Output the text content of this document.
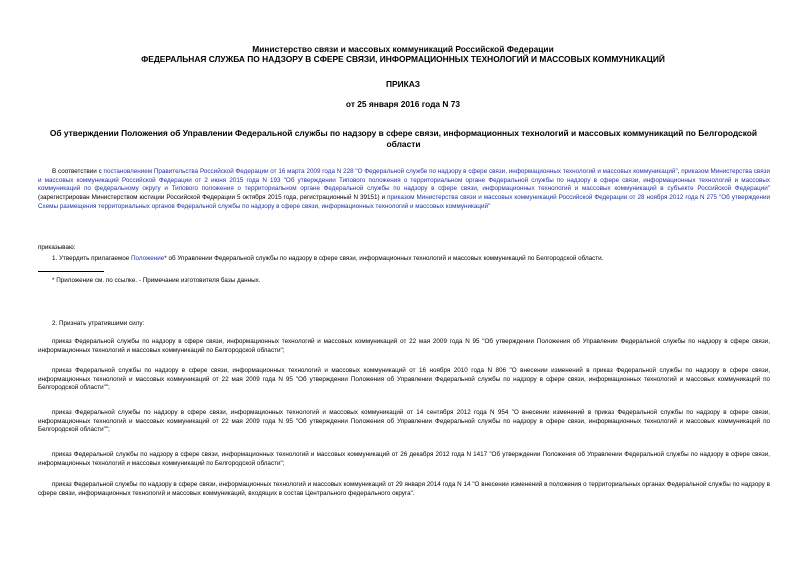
Министерство связи и массовых коммуникаций Российской Федерации
ФЕДЕРАЛЬНАЯ СЛУЖБА ПО НАДЗОРУ В СФЕРЕ СВЯЗИ, ИНФОРМАЦИОННЫХ ТЕХНОЛОГИЙ И МАССОВЫХ КОММУНИКАЦИЙ
ПРИКАЗ
от 25 января 2016 года N 73
Об утверждении Положения об Управлении Федеральной службы по надзору в сфере связи, информационных технологий и массовых коммуникаций по Белгородской области
В соответствии с постановлением Правительства Российской Федерации от 16 марта 2009 года N 228 "О Федеральной службе по надзору в сфере связи, информационных технологий и массовых коммуникаций", приказом Министерства связи и массовых коммуникаций Российской Федерации от 2 июня 2015 года N 193 "Об утверждении Типового положения о территориальном органе Федеральной службы по надзору в сфере связи, информационных технологий и массовых коммуникаций по федеральному округу и Типового положения о территориальном органе Федеральной службы по надзору в сфере связи, информационных технологий и массовых коммуникаций в субъекте Российской Федерации" (зарегистрирован Министерством юстиции Российской Федерации 5 октября 2015 года, регистрационный N 39151) и приказом Министерства связи и массовых коммуникаций Российской Федерации от 28 ноября 2012 года N 275 "Об утверждении Схемы размещения территориальных органов Федеральной службы по надзору в сфере связи, информационных технологий и массовых коммуникаций"
приказываю:
1. Утвердить прилагаемое Положение* об Управлении Федеральной службы по надзору в сфере связи, информационных технологий и массовых коммуникаций по Белгородской области.
* Приложение см. по ссылке. - Примечание изготовителя базы данных.
2. Признать утратившими силу:
приказ Федеральной службы по надзору в сфере связи, информационных технологий и массовых коммуникаций от 22 мая 2009 года N 95 "Об утверждении Положения об Управлении Федеральной службы по надзору в сфере связи, информационных технологий и массовых коммуникаций по Белгородской области";
приказ Федеральной службы по надзору в сфере связи, информационных технологий и массовых коммуникаций от 16 ноября 2010 года N 806 "О внесении изменений в приказ Федеральной службы по надзору в сфере связи, информационных технологий и массовых коммуникаций от 22 мая 2009 года N 95 "Об утверждении Положения об Управлении Федеральной службы по надзору в сфере связи, информационных технологий и массовых коммуникаций по Белгородской области"";
приказ Федеральной службы по надзору в сфере связи, информационных технологий и массовых коммуникаций от 14 сентября 2012 года N 954 "О внесении изменений в приказ Федеральной службы по надзору в сфере связи, информационных технологий и массовых коммуникаций от 22 мая 2009 года N 95 "Об утверждении Положения об Управлении Федеральной службы по надзору в сфере связи, информационных технологий и массовых коммуникаций по Белгородской области"";
приказ Федеральной службы по надзору в сфере связи, информационных технологий и массовых коммуникаций от 26 декабря 2012 года N 1417 "Об утверждении Положения об Управлении Федеральной службы по надзору в сфере связи, информационных технологий и массовых коммуникаций по Белгородской области";
приказ Федеральной службы по надзору в сфере связи, информационных технологий и массовых коммуникаций от 29 января 2014 года N 14 "О внесении изменений в положения о территориальных органах Федеральной службы по надзору в сфере связи, информационных технологий и массовых коммуникаций, входящих в состав Центрального федерального округа".
